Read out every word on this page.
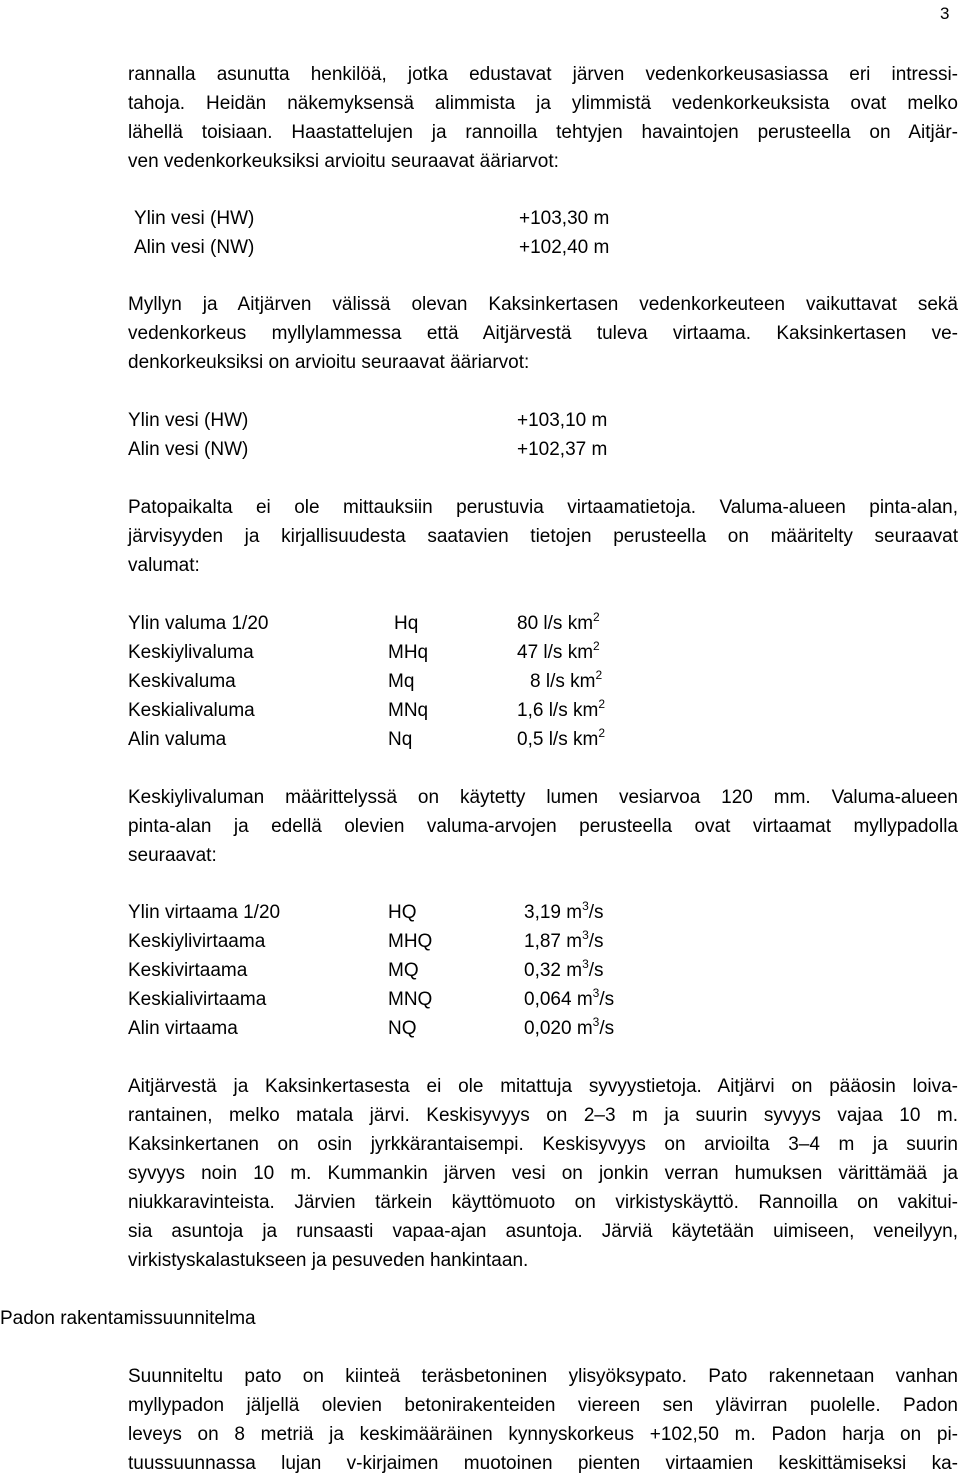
3
rannalla asunutta henkilöä, jotka edustavat järven vedenkorkeusasiassa eri intressi-
tahoja. Heidän näkemyksensä alimmista ja ylimmistä vedenkorkeuksista ovat melko
lähellä toisiaan. Haastattelujen ja rannoilla tehtyjen havaintojen perusteella on Aitjär-
ven vedenkorkeuksiksi arvioitu seuraavat ääriarvot:
Ylin vesi (HW)	+103,30 m
Alin vesi (NW)	+102,40 m
Myllyn ja Aitjärven välissä olevan Kaksinkertasen vedenkorkeuteen vaikuttavat sekä
vedenkorkeus myllylammessa että Aitjärvestä tuleva virtaama. Kaksinkertasen ve-
denkorkeuksiksi on arvioitu seuraavat ääriarvot:
Ylin vesi (HW)	+103,10 m
Alin vesi (NW)	+102,37 m
Patopaikalta ei ole mittauksiin perustuvia virtaamatietoja. Valuma-alueen pinta-alan,
järvisyyden ja kirjallisuudesta saatavien tietojen perusteella on määritelty seuraavat
valumat:
Ylin valuma 1/20	Hq	80 l/s $km^2$
Keskiylivaluma	MHq	47 l/s $km^2$
Keskivaluma	Mq	8 l/s $km^2$
Keskialivaluma	MNq	1,6 l/s $km^2$
Alin valuma	Nq	0,5 l/s $km^2$
Keskiylivaluman määrittelyssä on käytetty lumen vesiarvoa 120 mm. Valuma-alueen
pinta-alan ja edellä olevien valuma-arvojen perusteella ovat virtaamat myllypadolla
seuraavat:
Ylin virtaama 1/20	HQ	3,19 $m^3/s$
Keskiylivirtaama	MHQ	1,87 $m^3/s$
Keskivirtaama	MQ	0,32 $m^3/s$
Keskialivirtaama	MNQ	0,064 $m^3/s$
Alin virtaama	NQ	0,020 $m^3/s$
Aitjärvestä ja Kaksinkertasesta ei ole mitattuja syvyystietoja. Aitjärvi on pääosin loiva-
rantainen, melko matala järvi. Keskisyvyys on 2–3 m ja suurin syvyys vajaa 10 m.
Kaksinkertanen on osin jyrkkärantaisempi. Keskisyvyys on arvioilta 3–4 m ja suurin
syvyys noin 10 m. Kummankin järven vesi on jonkin verran humuksen värittämää ja
niukkaravinteista. Järvien tärkein käyttömuoto on virkistyskäyttö. Rannoilla on vakitui-
sia asuntoja ja runsaasti vapaa-ajan asuntoja. Järviä käytetään uimiseen, veneilyyn,
virkistyskalastukseen ja pesuveden hankintaan.
Padon rakentamissuunnitelma
Suunniteltu pato on kiinteä teräsbetoninen ylisyöksypato. Pato rakennetaan vanhan
myllypadon jäljellä olevien betonirakenteiden viereen sen ylävirran puolelle. Padon
leveys on 8 metriä ja keskimääräinen kynnyskorkeus +102,50 m. Padon harja on pi-
tuussuunnassa lujan v-kirjaimen muotoinen pienten virtaamien keskittämiseksi ka-
